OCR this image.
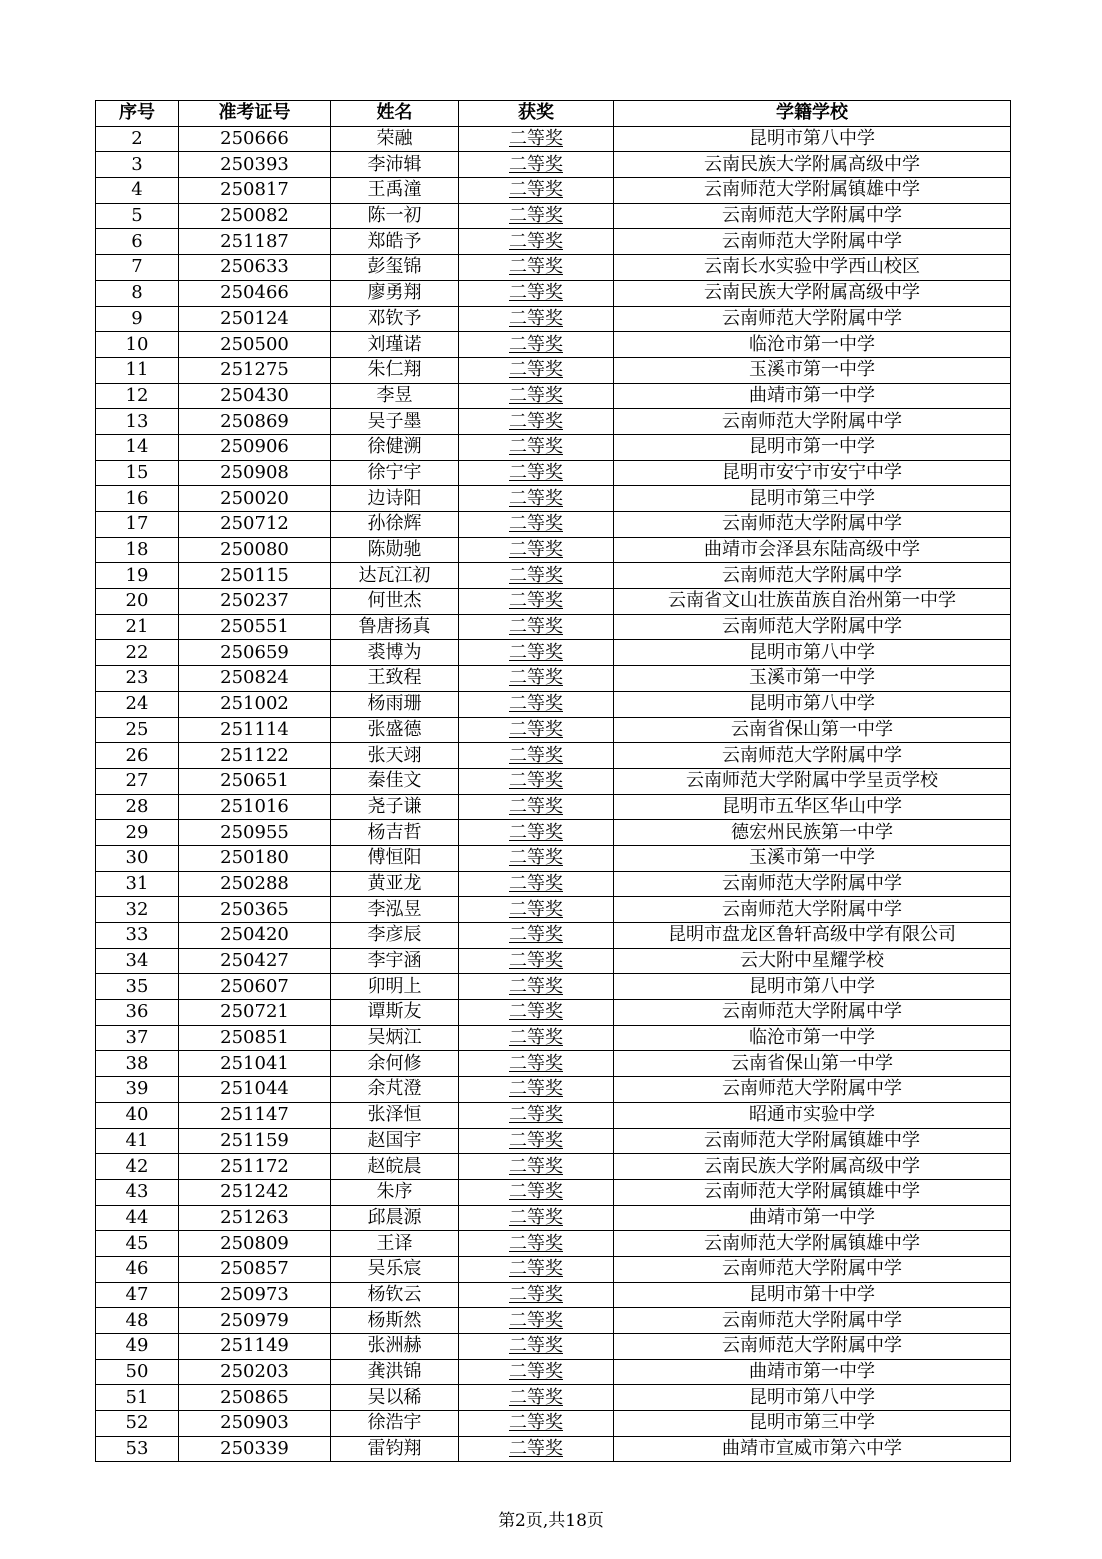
序号	准考证号	姓名	获奖	学籍学校
2	250666	荣融	二等奖	昆明市第八中学
3	250393	李沛辑	二等奖	云南民族大学附属高级中学
4	250817	王禹潼	二等奖	云南师范大学附属镇雄中学
5	250082	陈一初	二等奖	云南师范大学附属中学
6	251187	郑皓予	二等奖	云南师范大学附属中学
7	250633	彭玺锦	二等奖	云南长水实验中学西山校区
8	250466	廖勇翔	二等奖	云南民族大学附属高级中学
9	250124	邓钦予	二等奖	云南师范大学附属中学
10	250500	刘瑾诺	二等奖	临沧市第一中学
11	251275	朱仁翔	二等奖	玉溪市第一中学
12	250430	李昱	二等奖	曲靖市第一中学
13	250869	吴子墨	二等奖	云南师范大学附属中学
14	250906	徐健溯	二等奖	昆明市第一中学
15	250908	徐宁宇	二等奖	昆明市安宁市安宁中学
16	250020	边诗阳	二等奖	昆明市第三中学
17	250712	孙徐辉	二等奖	云南师范大学附属中学
18	250080	陈勋驰	二等奖	曲靖市会泽县东陆高级中学
19	250115	达瓦江初	二等奖	云南师范大学附属中学
20	250237	何世杰	二等奖	云南省文山壮族苗族自治州第一中学
21	250551	鲁唐扬真	二等奖	云南师范大学附属中学
22	250659	裘博为	二等奖	昆明市第八中学
23	250824	王致程	二等奖	玉溪市第一中学
24	251002	杨雨珊	二等奖	昆明市第八中学
25	251114	张盛德	二等奖	云南省保山第一中学
26	251122	张天翊	二等奖	云南师范大学附属中学
27	250651	秦佳文	二等奖	云南师范大学附属中学呈贡学校
28	251016	尧子谦	二等奖	昆明市五华区华山中学
29	250955	杨吉哲	二等奖	德宏州民族第一中学
30	250180	傅恒阳	二等奖	玉溪市第一中学
31	250288	黄亚龙	二等奖	云南师范大学附属中学
32	250365	李泓昱	二等奖	云南师范大学附属中学
33	250420	李彦辰	二等奖	昆明市盘龙区鲁轩高级中学有限公司
34	250427	李宇涵	二等奖	云大附中星耀学校
35	250607	卯明上	二等奖	昆明市第八中学
36	250721	谭斯友	二等奖	云南师范大学附属中学
37	250851	吴炳江	二等奖	临沧市第一中学
38	251041	余何修	二等奖	云南省保山第一中学
39	251044	余芃澄	二等奖	云南师范大学附属中学
40	251147	张泽恒	二等奖	昭通市实验中学
41	251159	赵国宇	二等奖	云南师范大学附属镇雄中学
42	251172	赵皖晨	二等奖	云南民族大学附属高级中学
43	251242	朱序	二等奖	云南师范大学附属镇雄中学
44	251263	邱晨源	二等奖	曲靖市第一中学
45	250809	王译	二等奖	云南师范大学附属镇雄中学
46	250857	吴乐宸	二等奖	云南师范大学附属中学
47	250973	杨钦云	二等奖	昆明市第十中学
48	250979	杨斯然	二等奖	云南师范大学附属中学
49	251149	张洲赫	二等奖	云南师范大学附属中学
50	250203	龚洪锦	二等奖	曲靖市第一中学
51	250865	吴以稀	二等奖	昆明市第八中学
52	250903	徐浩宇	二等奖	昆明市第三中学
53	250339	雷钧翔	二等奖	曲靖市宣威市第六中学
第2页,共18页
